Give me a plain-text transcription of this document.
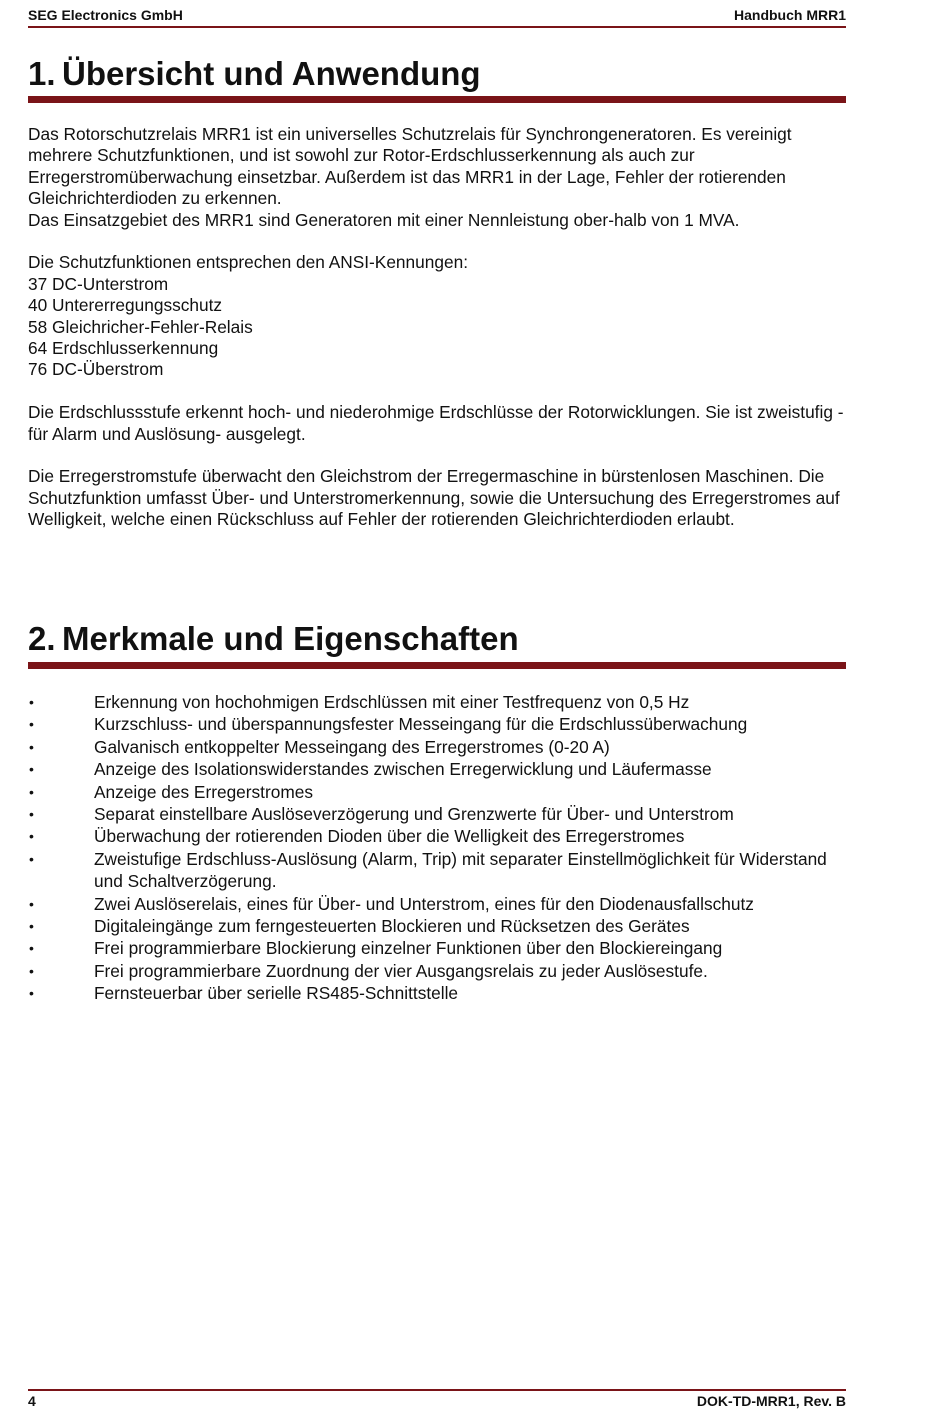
SEG Electronics GmbH	Handbuch MRR1
1. Übersicht und Anwendung

Das Rotorschutzrelais MRR1 ist ein universelles Schutzrelais für Synchrongeneratoren. Es vereinigt mehrere Schutzfunktionen, und ist sowohl zur Rotor-Erdschlusserkennung als auch zur Erregerstromüberwachung einsetzbar. Außerdem ist das MRR1 in der Lage, Fehler der rotierenden Gleichrichterdioden zu erkennen.

Das Einsatzgebiet des MRR1 sind Generatoren mit einer Nennleistung ober-halb von 1 MVA.

Die Schutzfunktionen entsprechen den ANSI-Kennungen:

37 DC-Unterstrom

40 Untererregungsschutz

58 Gleichricher-Fehler-Relais

64 Erdschlusserkennung

76 DC-Überstrom

Die Erdschlussstufe erkennt hoch- und niederohmige Erdschlüsse der Rotorwicklungen. Sie ist zweistufig -für Alarm und Auslösung- ausgelegt.

Die Erregerstromstufe überwacht den Gleichstrom der Erregermaschine in bürstenlosen Maschinen. Die Schutzfunktion umfasst Über- und Unterstromerkennung, sowie die Untersuchung des Erregerstromes auf Welligkeit, welche einen Rückschluss auf Fehler der rotierenden Gleichrichterdioden erlaubt.

2. Merkmale und Eigenschaften
•	Erkennung von hochohmigen Erdschlüssen mit einer Testfrequenz von 0,5 Hz
•	Kurzschluss- und überspannungsfester Messeingang für die Erdschlussüberwachung
•	Galvanisch entkoppelter Messeingang des Erregerstromes (0-20 A)
•	Anzeige des Isolationswiderstandes zwischen Erregerwicklung und Läufermasse
•	Anzeige des Erregerstromes
•	Separat einstellbare Auslöseverzögerung und Grenzwerte für Über- und Unterstrom
•	Überwachung der rotierenden Dioden über die Welligkeit des Erregerstromes
•	Zweistufige Erdschluss-Auslösung (Alarm, Trip) mit separater Einstellmöglichkeit für Widerstand und Schaltverzögerung.
•	Zwei Auslöserelais, eines für Über- und Unterstrom, eines für den Diodenausfallschutz
•	Digitaleingänge zum ferngesteuerten Blockieren und Rücksetzen des Gerätes
•	Frei programmierbare Blockierung einzelner Funktionen über den Blockiereingang
•	Frei programmierbare Zuordnung der vier Ausgangsrelais zu jeder Auslösestufe.
•	Fernsteuerbar über serielle RS485-Schnittstelle
4	DOK-TD-MRR1, Rev. B
